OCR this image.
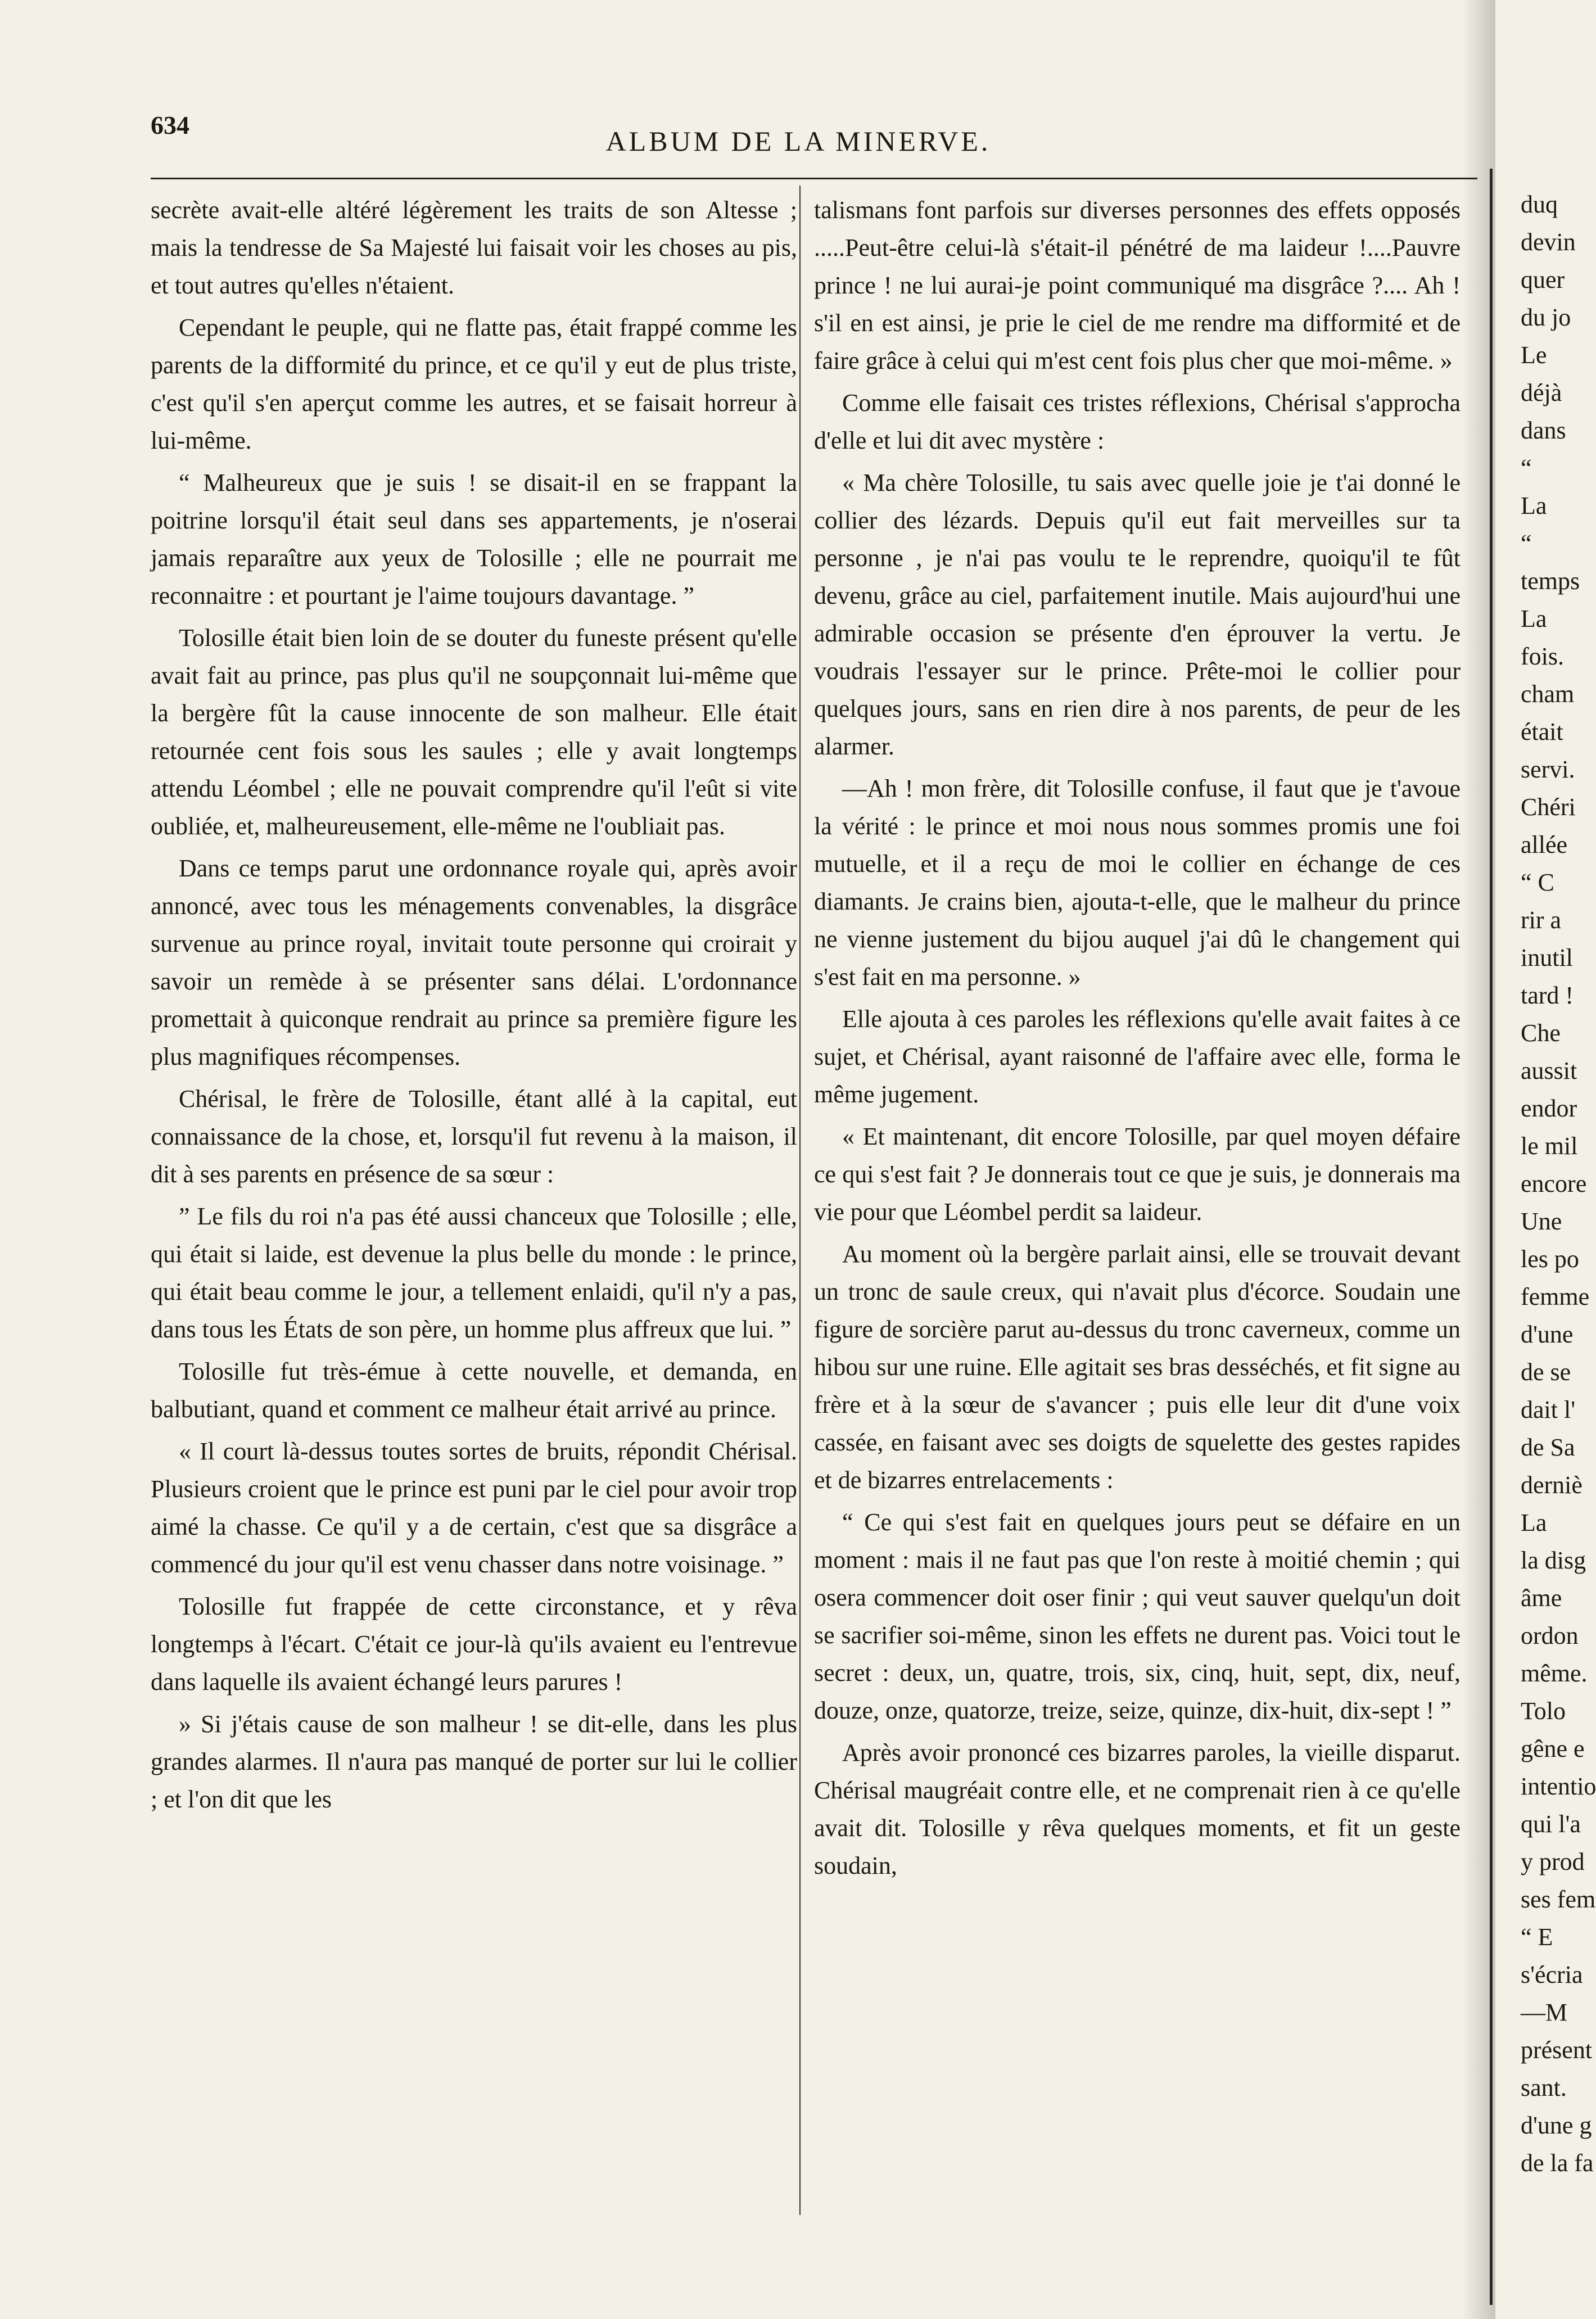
634
ALBUM DE LA MINERVE.

secrète avait-elle altéré légèrement les traits de son Altesse ; mais la tendresse de Sa Majesté lui faisait voir les choses au pis, et tout autres qu'elles n'étaient.

Cependant le peuple, qui ne flatte pas, était frappé comme les parents de la difformité du prince, et ce qu'il y eut de plus triste, c'est qu'il s'en aperçut comme les autres, et se faisait horreur à lui-même.

“ Malheureux que je suis ! se disait-il en se frappant la poitrine lorsqu'il était seul dans ses appartements, je n'oserai jamais reparaître aux yeux de Tolosille ; elle ne pourrait me reconnaitre : et pourtant je l'aime toujours davantage. ”

Tolosille était bien loin de se douter du funeste présent qu'elle avait fait au prince, pas plus qu'il ne soupçonnait lui-même que la bergère fût la cause innocente de son malheur. Elle était retournée cent fois sous les saules ; elle y avait longtemps attendu Léombel ; elle ne pouvait comprendre qu'il l'eût si vite oubliée, et, malheureusement, elle-même ne l'oubliait pas.

Dans ce temps parut une ordonnance royale qui, après avoir annoncé, avec tous les ménagements convenables, la disgrâce survenue au prince royal, invitait toute personne qui croirait y savoir un remède à se présenter sans délai. L'ordonnance promettait à quiconque rendrait au prince sa première figure les plus magnifiques récompenses.

Chérisal, le frère de Tolosille, étant allé à la capital, eut connaissance de la chose, et, lorsqu'il fut revenu à la maison, il dit à ses parents en présence de sa sœur :

” Le fils du roi n'a pas été aussi chanceux que Tolosille ; elle, qui était si laide, est devenue la plus belle du monde : le prince, qui était beau comme le jour, a tellement enlaidi, qu'il n'y a pas, dans tous les États de son père, un homme plus affreux que lui. ”

Tolosille fut très-émue à cette nouvelle, et demanda, en balbutiant, quand et comment ce malheur était arrivé au prince.

« Il court là-dessus toutes sortes de bruits, répondit Chérisal. Plusieurs croient que le prince est puni par le ciel pour avoir trop aimé la chasse. Ce qu'il y a de certain, c'est que sa disgrâce a commencé du jour qu'il est venu chasser dans notre voisinage. ”

Tolosille fut frappée de cette circonstance, et y rêva longtemps à l'écart. C'était ce jour-là qu'ils avaient eu l'entrevue dans laquelle ils avaient échangé leurs parures !

» Si j'étais cause de son malheur ! se dit-elle, dans les plus grandes alarmes. Il n'aura pas manqué de porter sur lui le collier ; et l'on dit que les

talismans font parfois sur diverses personnes des effets opposés .....Peut-être celui-là s'était-il pénétré de ma laideur !....Pauvre prince ! ne lui aurai-je point communiqué ma disgrâce ?.... Ah ! s'il en est ainsi, je prie le ciel de me rendre ma difformité et de faire grâce à celui qui m'est cent fois plus cher que moi-même. »

Comme elle faisait ces tristes réflexions, Chérisal s'approcha d'elle et lui dit avec mystère :

« Ma chère Tolosille, tu sais avec quelle joie je t'ai donné le collier des lézards. Depuis qu'il eut fait merveilles sur ta personne , je n'ai pas voulu te le reprendre, quoiqu'il te fût devenu, grâce au ciel, parfaitement inutile. Mais aujourd'hui une admirable occasion se présente d'en éprouver la vertu. Je voudrais l'essayer sur le prince. Prête-moi le collier pour quelques jours, sans en rien dire à nos parents, de peur de les alarmer.

—Ah ! mon frère, dit Tolosille confuse, il faut que je t'avoue la vérité : le prince et moi nous nous sommes promis une foi mutuelle, et il a reçu de moi le collier en échange de ces diamants. Je crains bien, ajouta-t-elle, que le malheur du prince ne vienne justement du bijou auquel j'ai dû le changement qui s'est fait en ma personne. »

Elle ajouta à ces paroles les réflexions qu'elle avait faites à ce sujet, et Chérisal, ayant raisonné de l'affaire avec elle, forma le même jugement.

« Et maintenant, dit encore Tolosille, par quel moyen défaire ce qui s'est fait ? Je donnerais tout ce que je suis, je donnerais ma vie pour que Léombel perdit sa laideur.

Au moment où la bergère parlait ainsi, elle se trouvait devant un tronc de saule creux, qui n'avait plus d'écorce. Soudain une figure de sorcière parut au-dessus du tronc caverneux, comme un hibou sur une ruine. Elle agitait ses bras desséchés, et fit signe au frère et à la sœur de s'avancer ; puis elle leur dit d'une voix cassée, en faisant avec ses doigts de squelette des gestes rapides et de bizarres entrelacements :

“ Ce qui s'est fait en quelques jours peut se défaire en un moment : mais il ne faut pas que l'on reste à moitié chemin ; qui osera commencer doit oser finir ; qui veut sauver quelqu'un doit se sacrifier soi-même, sinon les effets ne durent pas. Voici tout le secret : deux, un, quatre, trois, six, cinq, huit, sept, dix, neuf, douze, onze, quatorze, treize, seize, quinze, dix-huit, dix-sept ! ”

Après avoir prononcé ces bizarres paroles, la vieille disparut. Chérisal maugréait contre elle, et ne comprenait rien à ce qu'elle avait dit. Tolosille y rêva quelques moments, et fit un geste soudain,

duq
devin
quer
du jo
Le
déjà
dans
“
La
“
temps
La
fois.
cham
était
servi.
Chéri
allée
“ C
rir a
inutil
tard !
Che
aussit
endor
le mil
encore
Une
les po
femme
d'une
de se
dait l'
de Sa
derniè
La
la disg
âme
ordon
même.
Tolo
gêne e
intentio
qui l'a
y prod
ses fem
“ E
s'écria
—M
présent
sant.
d'une g
de la fa
